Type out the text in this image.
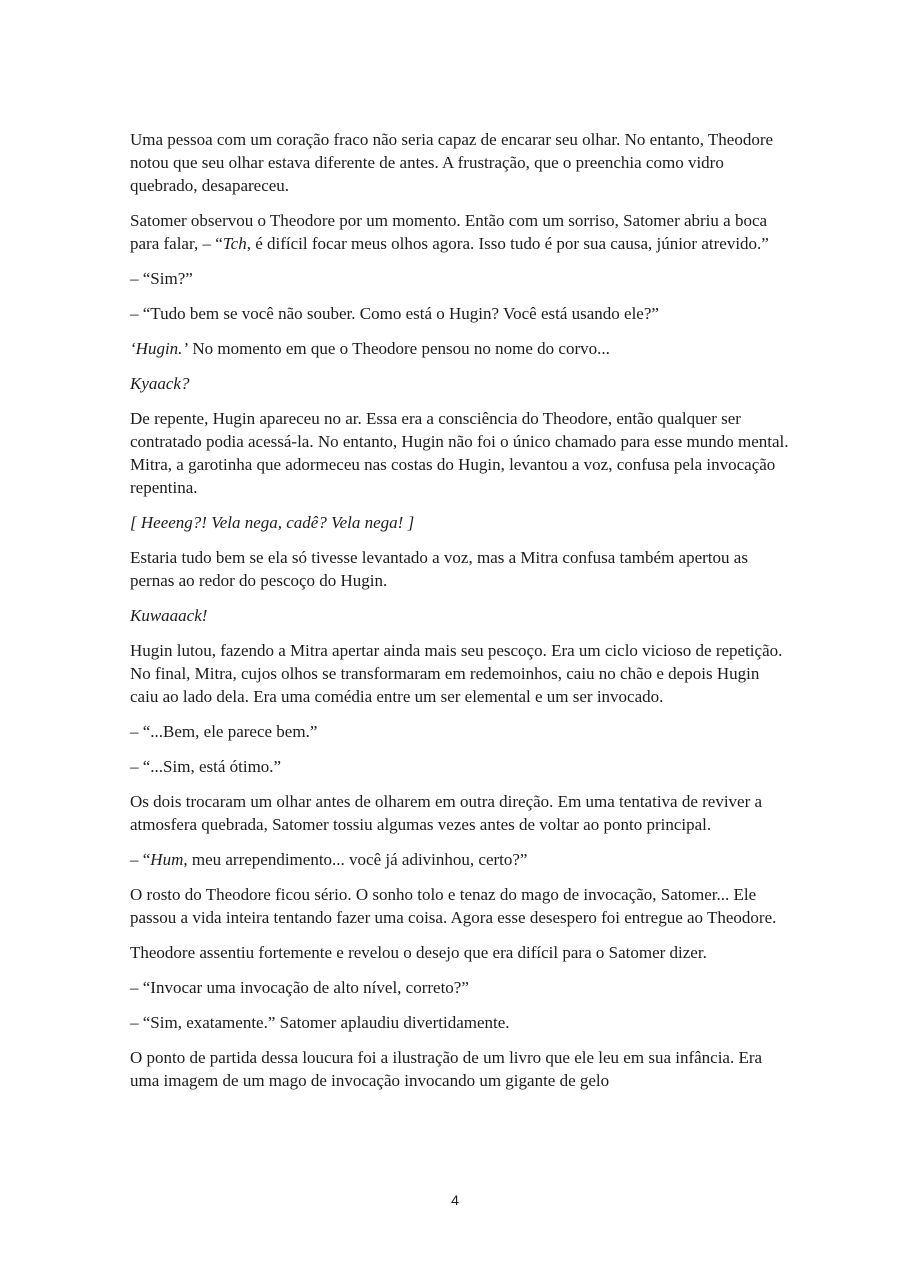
Uma pessoa com um coração fraco não seria capaz de encarar seu olhar. No entanto, Theodore notou que seu olhar estava diferente de antes. A frustração, que o preenchia como vidro quebrado, desapareceu.

Satomer observou o Theodore por um momento. Então com um sorriso, Satomer abriu a boca para falar, – “Tch, é difícil focar meus olhos agora. Isso tudo é por sua causa, júnior atrevido.”

– “Sim?”

– “Tudo bem se você não souber. Como está o Hugin? Você está usando ele?”

‘Hugin.’ No momento em que o Theodore pensou no nome do corvo...

Kyaack?

De repente, Hugin apareceu no ar. Essa era a consciência do Theodore, então qualquer ser contratado podia acessá-la. No entanto, Hugin não foi o único chamado para esse mundo mental. Mitra, a garotinha que adormeceu nas costas do Hugin, levantou a voz, confusa pela invocação repentina.

[ Heeeng?! Vela nega, cadê? Vela nega! ]

Estaria tudo bem se ela só tivesse levantado a voz, mas a Mitra confusa também apertou as pernas ao redor do pescoço do Hugin.

Kuwaaack!

Hugin lutou, fazendo a Mitra apertar ainda mais seu pescoço. Era um ciclo vicioso de repetição. No final, Mitra, cujos olhos se transformaram em redemoinhos, caiu no chão e depois Hugin caiu ao lado dela. Era uma comédia entre um ser elemental e um ser invocado.

– “...Bem, ele parece bem.”

– “...Sim, está ótimo.”

Os dois trocaram um olhar antes de olharem em outra direção. Em uma tentativa de reviver a atmosfera quebrada, Satomer tossiu algumas vezes antes de voltar ao ponto principal.

– “Hum, meu arrependimento... você já adivinhou, certo?”

O rosto do Theodore ficou sério. O sonho tolo e tenaz do mago de invocação, Satomer... Ele passou a vida inteira tentando fazer uma coisa. Agora esse desespero foi entregue ao Theodore.

Theodore assentiu fortemente e revelou o desejo que era difícil para o Satomer dizer.

– “Invocar uma invocação de alto nível, correto?”

– “Sim, exatamente.” Satomer aplaudiu divertidamente.

O ponto de partida dessa loucura foi a ilustração de um livro que ele leu em sua infância. Era uma imagem de um mago de invocação invocando um gigante de gelo

4
